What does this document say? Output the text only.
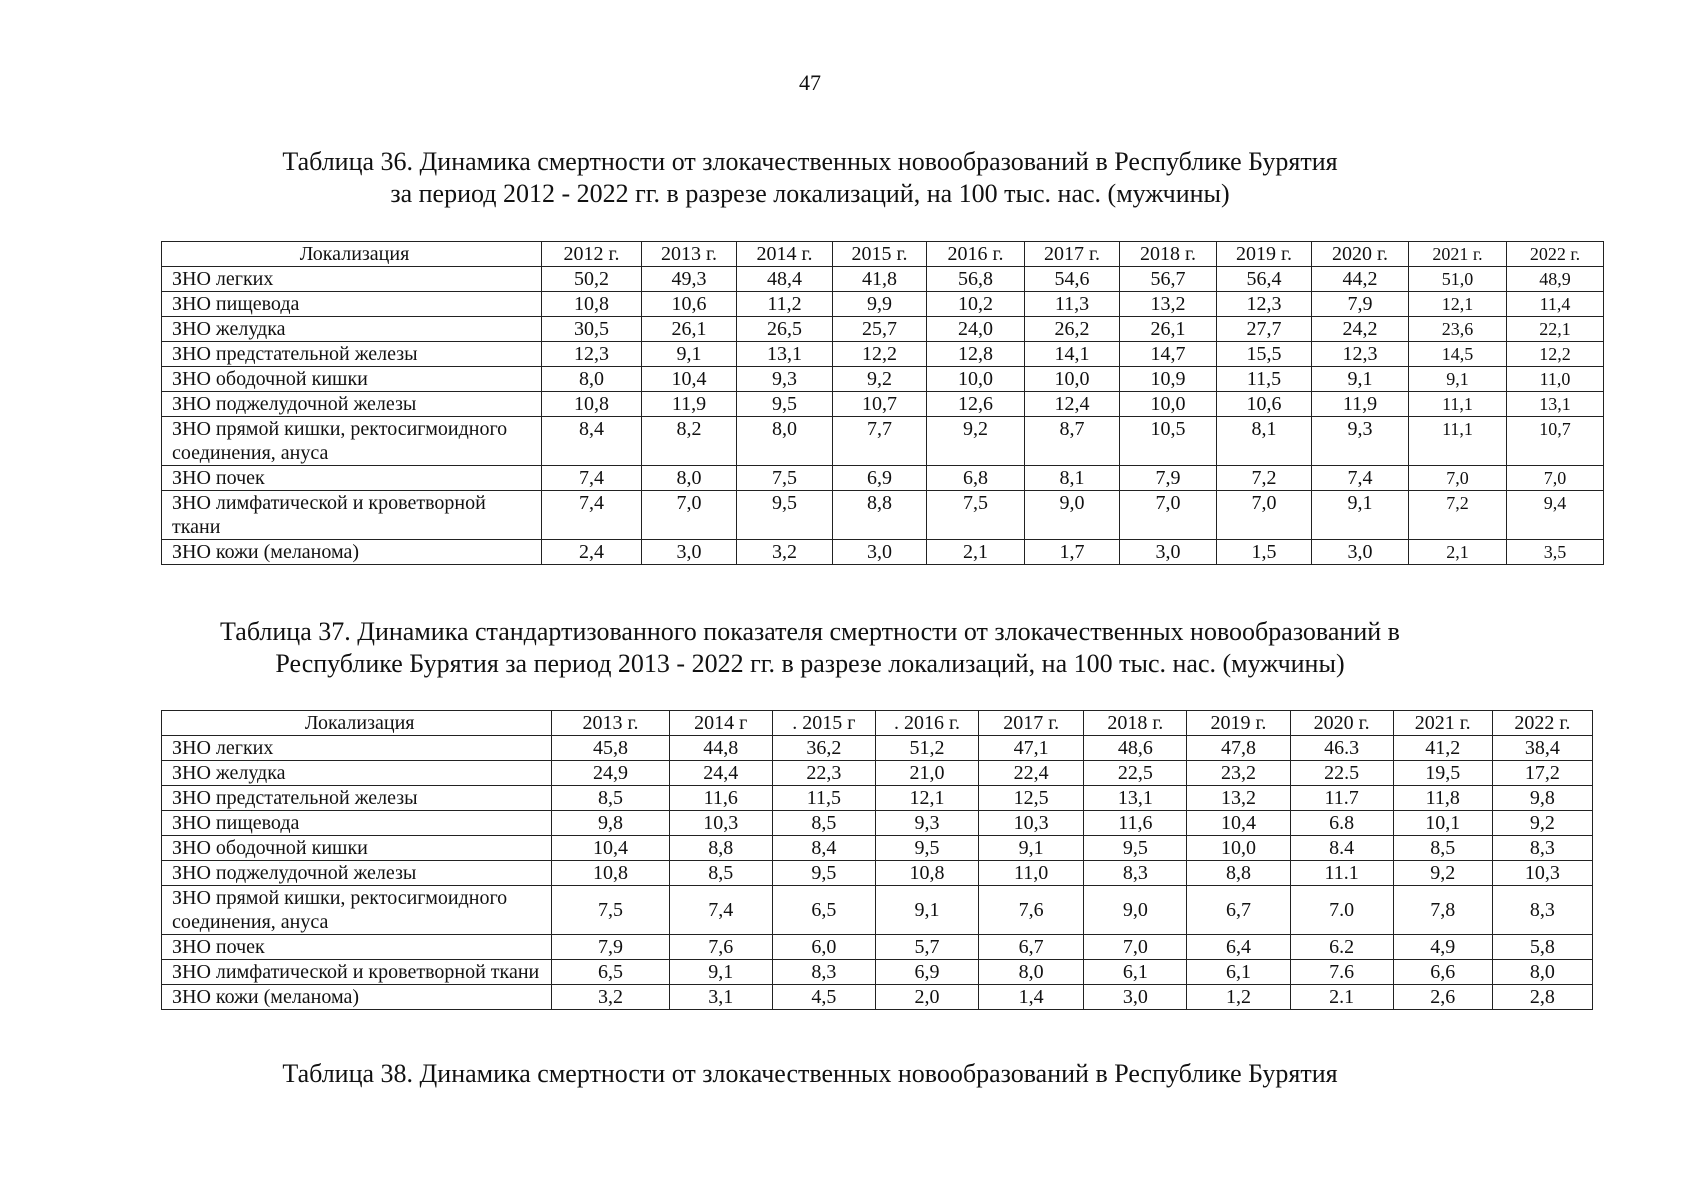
47
Таблица 36. Динамика смертности от злокачественных новообразований в Республике Бурятия
за период 2012 - 2022 гг. в разрезе локализаций, на 100 тыс. нас. (мужчины)
Локализация	2012 г.	2013 г.	2014 г.	2015 г.	2016 г.	2017 г.	2018 г.	2019 г.	2020 г.	2021 г.	2022 г.
ЗНО легких	50,2	49,3	48,4	41,8	56,8	54,6	56,7	56,4	44,2	51,0	48,9
ЗНО пищевода	10,8	10,6	11,2	9,9	10,2	11,3	13,2	12,3	7,9	12,1	11,4
ЗНО желудка	30,5	26,1	26,5	25,7	24,0	26,2	26,1	27,7	24,2	23,6	22,1
ЗНО предстательной железы	12,3	9,1	13,1	12,2	12,8	14,1	14,7	15,5	12,3	14,5	12,2
ЗНО ободочной кишки	8,0	10,4	9,3	9,2	10,0	10,0	10,9	11,5	9,1	9,1	11,0
ЗНО поджелудочной железы	10,8	11,9	9,5	10,7	12,6	12,4	10,0	10,6	11,9	11,1	13,1
ЗНО прямой кишки, ректосигмоидного соединения, ануса	8,4	8,2	8,0	7,7	9,2	8,7	10,5	8,1	9,3	11,1	10,7
ЗНО почек	7,4	8,0	7,5	6,9	6,8	8,1	7,9	7,2	7,4	7,0	7,0
ЗНО лимфатической и кроветворной ткани	7,4	7,0	9,5	8,8	7,5	9,0	7,0	7,0	9,1	7,2	9,4
ЗНО кожи (меланома)	2,4	3,0	3,2	3,0	2,1	1,7	3,0	1,5	3,0	2,1	3,5
Таблица 37. Динамика стандартизованного показателя смертности от злокачественных новообразований в
Республике Бурятия за период 2013 - 2022 гг. в разрезе локализаций, на 100 тыс. нас. (мужчины)
Локализация	2013 г.	2014 г	. 2015 г	. 2016 г.	2017 г.	2018 г.	2019 г.	2020 г.	2021 г.	2022 г.
ЗНО легких	45,8	44,8	36,2	51,2	47,1	48,6	47,8	46.3	41,2	38,4
ЗНО желудка	24,9	24,4	22,3	21,0	22,4	22,5	23,2	22.5	19,5	17,2
ЗНО предстательной железы	8,5	11,6	11,5	12,1	12,5	13,1	13,2	11.7	11,8	9,8
ЗНО пищевода	9,8	10,3	8,5	9,3	10,3	11,6	10,4	6.8	10,1	9,2
ЗНО ободочной кишки	10,4	8,8	8,4	9,5	9,1	9,5	10,0	8.4	8,5	8,3
ЗНО поджелудочной железы	10,8	8,5	9,5	10,8	11,0	8,3	8,8	11.1	9,2	10,3
ЗНО прямой кишки, ректосигмоидного соединения, ануса	7,5	7,4	6,5	9,1	7,6	9,0	6,7	7.0	7,8	8,3
ЗНО почек	7,9	7,6	6,0	5,7	6,7	7,0	6,4	6.2	4,9	5,8
ЗНО лимфатической и кроветворной ткани	6,5	9,1	8,3	6,9	8,0	6,1	6,1	7.6	6,6	8,0
ЗНО кожи (меланома)	3,2	3,1	4,5	2,0	1,4	3,0	1,2	2.1	2,6	2,8
Таблица 38. Динамика смертности от злокачественных новообразований в Республике Бурятия
